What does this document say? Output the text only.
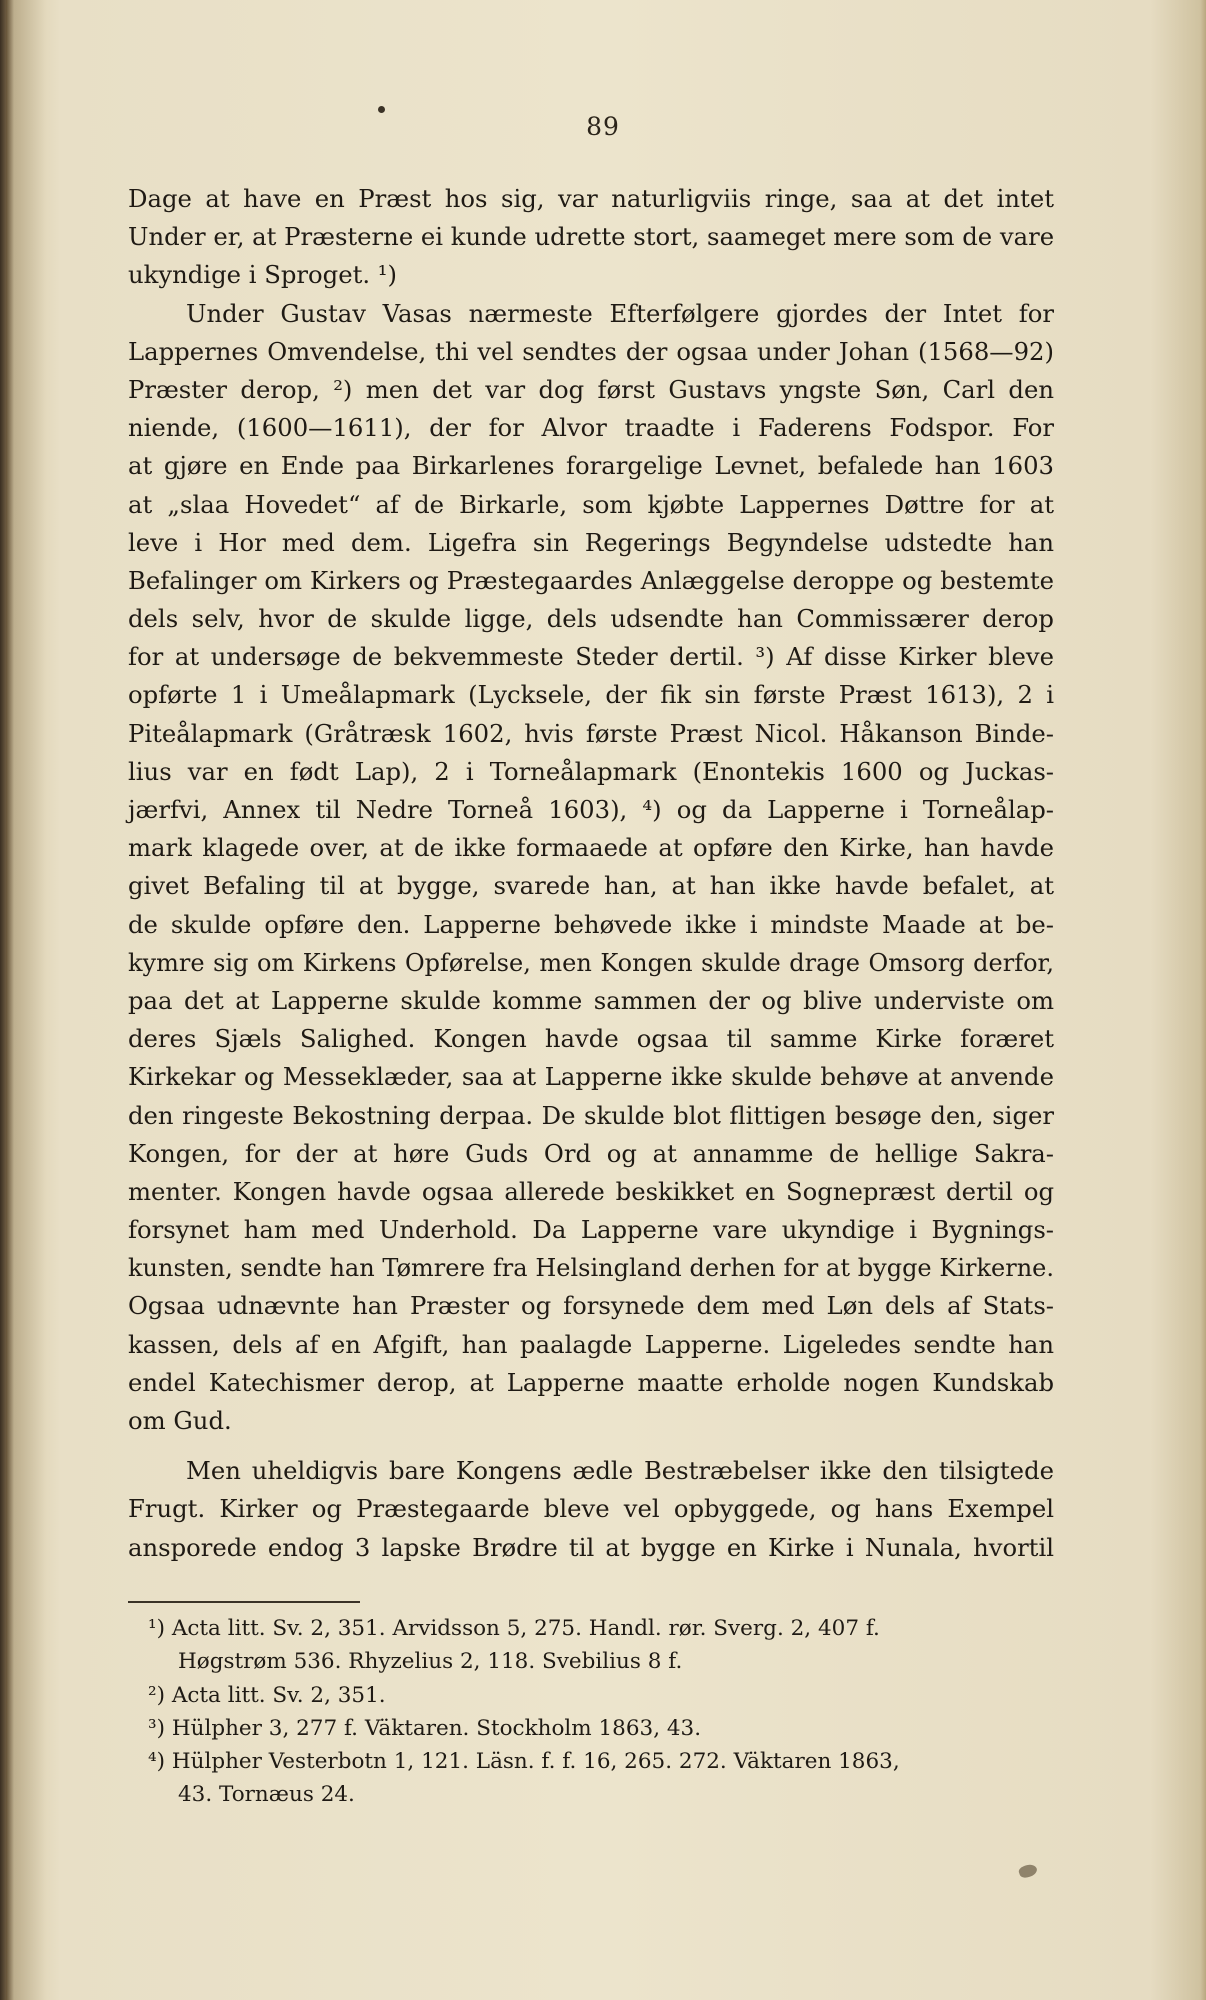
89
Dage at have en Præst hos sig, var naturligviis ringe, saa at det intet
Under er, at Præsterne ei kunde udrette stort, saameget mere som de vare
ukyndige i Sproget. ¹)
Under Gustav Vasas nærmeste Efterfølgere gjordes der Intet for
Lappernes Omvendelse, thi vel sendtes der ogsaa under Johan (1568—92)
Præster derop, ²) men det var dog først Gustavs yngste Søn, Carl den
niende, (1600—1611), der for Alvor traadte i Faderens Fodspor. For
at gjøre en Ende paa Birkarlenes forargelige Levnet, befalede han 1603
at „slaa Hovedet“ af de Birkarle, som kjøbte Lappernes Døttre for at
leve i Hor med dem. Ligefra sin Regerings Begyndelse udstedte han
Befalinger om Kirkers og Præstegaardes Anlæggelse deroppe og bestemte
dels selv, hvor de skulde ligge, dels udsendte han Commissærer derop
for at undersøge de bekvemmeste Steder dertil. ³) Af disse Kirker bleve
opførte 1 i Umeålapmark (Lycksele, der fik sin første Præst 1613), 2 i
Piteålapmark (Gråtræsk 1602, hvis første Præst Nicol. Håkanson Binde-
lius var en født Lap), 2 i Torneålapmark (Enontekis 1600 og Juckas-
jærfvi, Annex til Nedre Torneå 1603), ⁴) og da Lapperne i Torneålap-
mark klagede over, at de ikke formaaede at opføre den Kirke, han havde
givet Befaling til at bygge, svarede han, at han ikke havde befalet, at
de skulde opføre den. Lapperne behøvede ikke i mindste Maade at be-
kymre sig om Kirkens Opførelse, men Kongen skulde drage Omsorg derfor,
paa det at Lapperne skulde komme sammen der og blive underviste om
deres Sjæls Salighed. Kongen havde ogsaa til samme Kirke foræret
Kirkekar og Messeklæder, saa at Lapperne ikke skulde behøve at anvende
den ringeste Bekostning derpaa. De skulde blot flittigen besøge den, siger
Kongen, for der at høre Guds Ord og at annamme de hellige Sakra-
menter. Kongen havde ogsaa allerede beskikket en Sognepræst dertil og
forsynet ham med Underhold. Da Lapperne vare ukyndige i Bygnings-
kunsten, sendte han Tømrere fra Helsingland derhen for at bygge Kirkerne.
Ogsaa udnævnte han Præster og forsynede dem med Løn dels af Stats-
kassen, dels af en Afgift, han paalagde Lapperne. Ligeledes sendte han
endel Katechismer derop, at Lapperne maatte erholde nogen Kundskab
om Gud.
Men uheldigvis bare Kongens ædle Bestræbelser ikke den tilsigtede
Frugt. Kirker og Præstegaarde bleve vel opbyggede, og hans Exempel
ansporede endog 3 lapske Brødre til at bygge en Kirke i Nunala, hvortil
¹) Acta litt. Sv. 2, 351. Arvidsson 5, 275. Handl. rør. Sverg. 2, 407 f.
Høgstrøm 536. Rhyzelius 2, 118. Svebilius 8 f.
²) Acta litt. Sv. 2, 351.
³) Hülpher 3, 277 f. Väktaren. Stockholm 1863, 43.
⁴) Hülpher Vesterbotn 1, 121. Läsn. f. f. 16, 265. 272. Väktaren 1863,
43. Tornæus 24.
